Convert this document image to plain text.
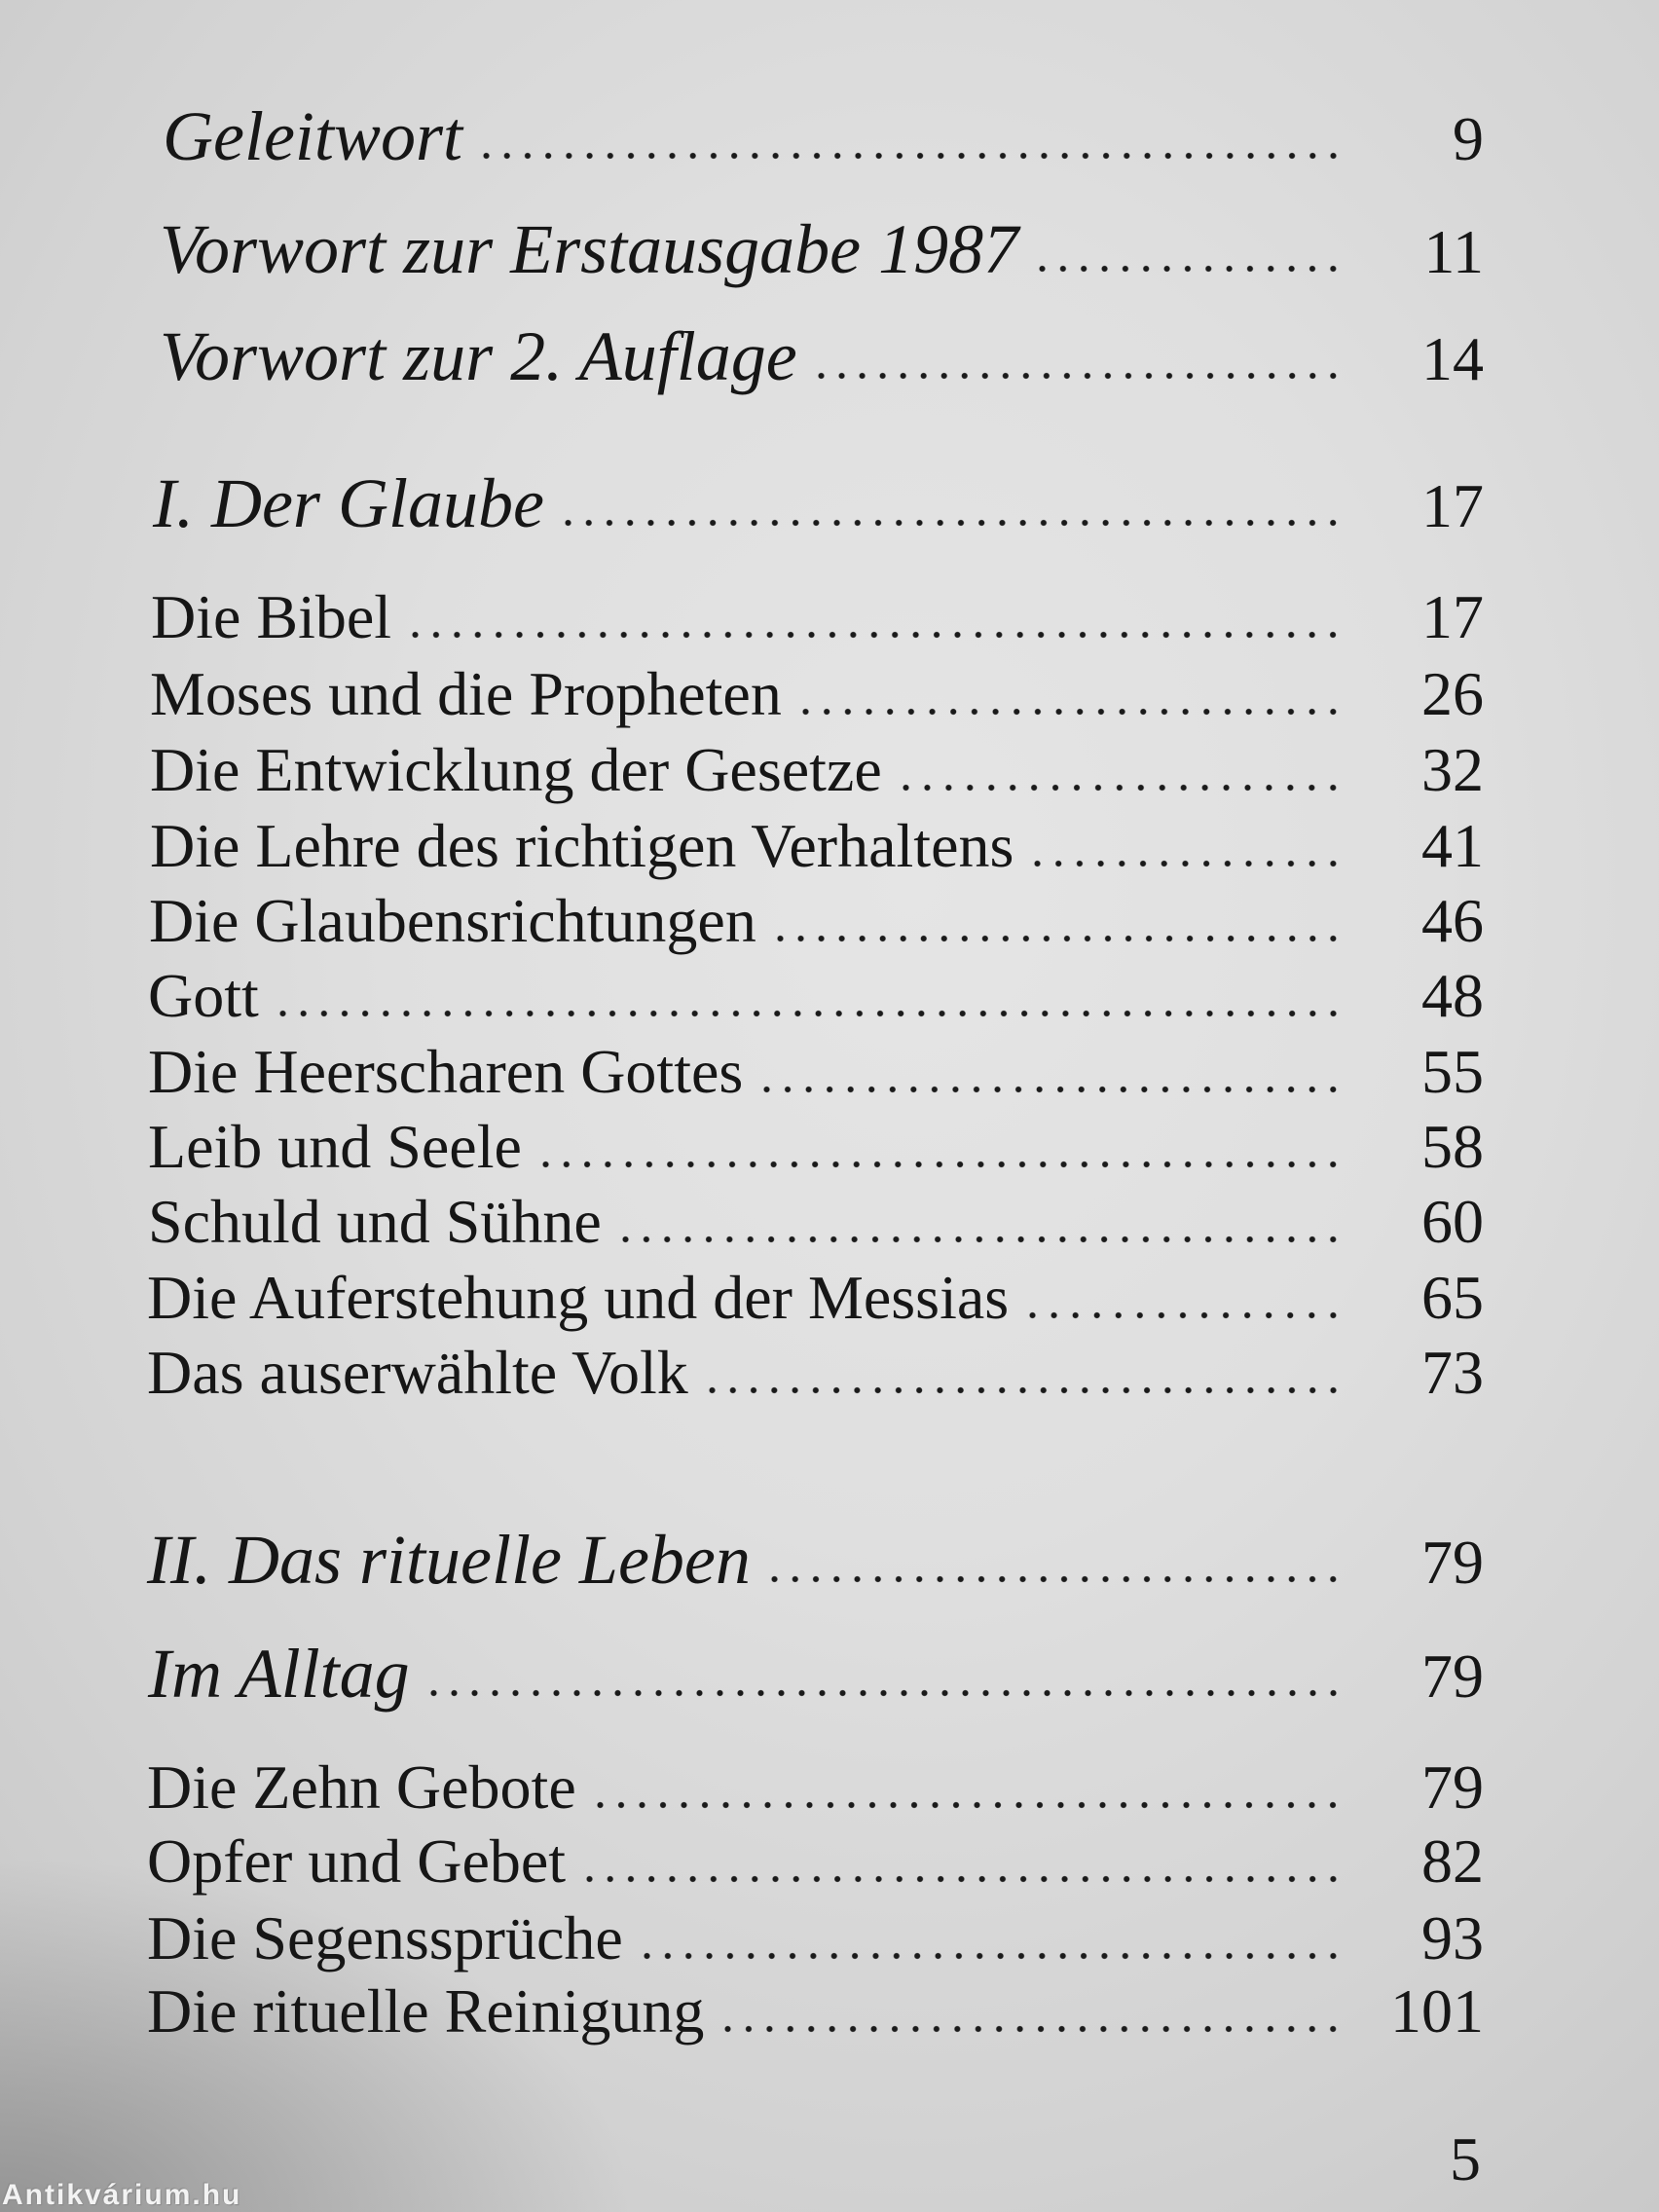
Geleitwort	9
Vorwort zur Erstausgabe 1987	11
Vorwort zur 2. Auflage	14
I. Der Glaube	17
Die Bibel	17
Moses und die Propheten	26
Die Entwicklung der Gesetze	32
Die Lehre des richtigen Verhaltens	41
Die Glaubensrichtungen	46
Gott	48
Die Heerscharen Gottes	55
Leib und Seele	58
Schuld und Sühne	60
Die Auferstehung und der Messias	65
Das auserwählte Volk	73
II. Das rituelle Leben	79
Im Alltag	79
Die Zehn Gebote	79
Opfer und Gebet	82
Die Segenssprüche	93
Die rituelle Reinigung	101
5
Antikvárium.hu
